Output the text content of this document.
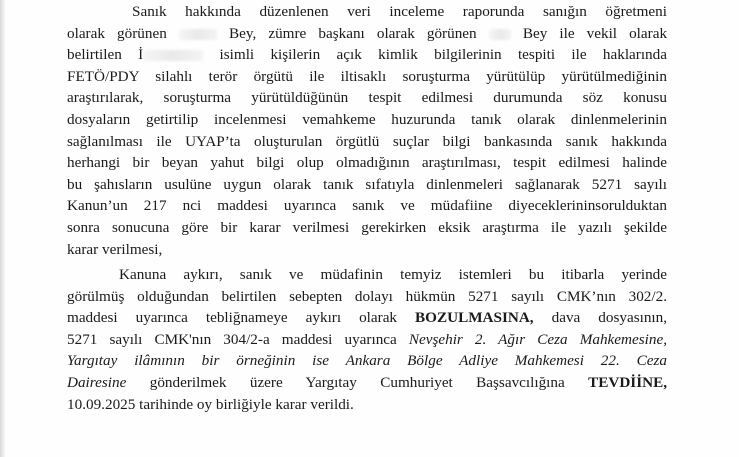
Sanık hakkında düzenlenen veri inceleme raporunda sanığın öğretmeni
olarak görünen	Bey, zümre başkanı olarak görünen	Bey ile vekil olarak
belirtilen İ	isimli kişilerin açık kimlik bilgilerinin tespiti ile haklarında
FETÖ/PDY silahlı terör örgütü ile iltisaklı soruşturma yürütülüp yürütülmediğinin
araştırılarak, soruşturma yürütüldüğünün tespit edilmesi durumunda söz konusu
dosyaların getirtilip incelenmesi vemahkeme huzurunda tanık olarak dinlenmelerinin
sağlanılması ile UYAP’ta oluşturulan örgütlü suçlar bilgi bankasında sanık hakkında
herhangi bir beyan yahut bilgi olup olmadığının araştırılması, tespit edilmesi halinde
bu şahısların usulüne uygun olarak tanık sıfatıyla dinlenmeleri sağlanarak 5271 sayılı
Kanun’un 217 nci maddesi uyarınca sanık ve müdafiine diyeceklerininsorulduktan
sonra sonucuna göre bir karar verilmesi gerekirken eksik araştırma ile yazılı şekilde
karar verilmesi,
Kanuna aykırı, sanık ve müdafinin temyiz istemleri bu itibarla yerinde
görülmüş olduğundan belirtilen sebepten dolayı hükmün 5271 sayılı CMK’nın 302/2.
maddesi uyarınca tebliğnameye aykırı olarak BOZULMASINA, dava dosyasının,
5271 sayılı CMK'nın 304/2-a maddesi uyarınca Nevşehir 2. Ağır Ceza Mahkemesine,
Yargıtay ilâmının bir örneğinin ise Ankara Bölge Adliye Mahkemesi 22. Ceza
Dairesine gönderilmek üzere Yargıtay Cumhuriyet Başsavcılığına TEVDİİNE,
10.09.2025 tarihinde oy birliğiyle karar verildi.
